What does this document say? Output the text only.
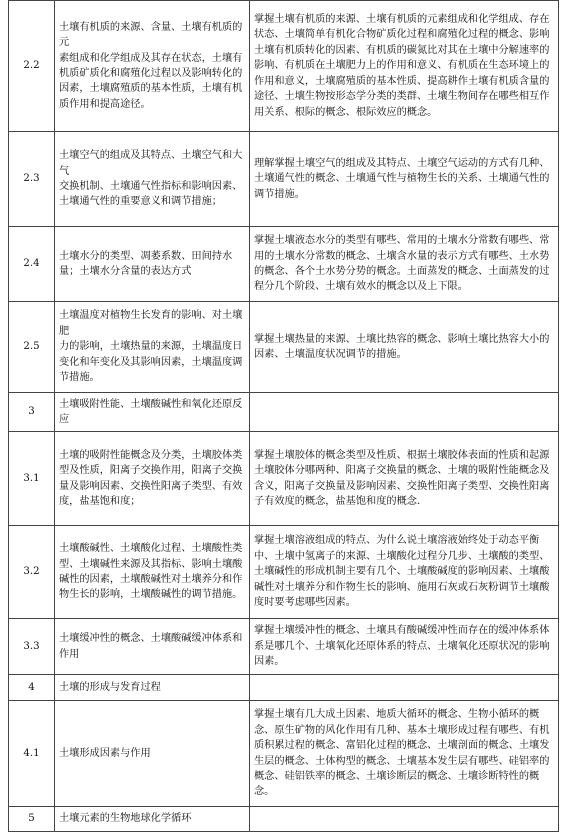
2.2	土壤有机质的来源、含量、土壤有机质的元
素组成和化学组成及其存在状态，土壤有机质矿质化和腐殖化过程以及影响转化的因素，土壤腐殖质的基本性质，土壤有机质作用和提高途径。	掌握土壤有机质的来源、土壤有机质的元素组成和化学组成、存在状态、土壤简单有机化合物矿质化过程和腐殖化过程的概念、影响土壤有机质转化的因素、有机质的碳氮比对其在土壤中分解速率的影响、有机质在土壤肥力上的作用和意义、有机质在生态环境上的作用和意义，土壤腐殖质的基本性质、提高耕作土壤有机质含量的途径、土壤生物按形态学分类的类群、土壤生物间存在哪些相互作用关系、根际的概念、根际效应的概念。

2.3	土壤空气的组成及其特点、土壤空气和大气
交换机制、土壤通气性指标和影响因素、土壤通气性的重要意义和调节措施；	理解掌握土壤空气的组成及其特点、土壤空气运动的方式有几种、土壤通气性的概念、土壤通气性与植物生长的关系、土壤通气性的调节措施。

2.4	土壤水分的类型、凋萎系数、田间持水量；土壤水分含量的表达方式	掌握土壤液态水分的类型有哪些、常用的土壤水分常数有哪些、常用的土壤水分常数的概念、土壤含水量的表示方式有哪些、土水势的概念、各个土水势分势的概念。土面蒸发的概念、土面蒸发的过程分几个阶段、土壤有效水的概念以及上下限。

2.5	土壤温度对植物生长发育的影响、对土壤肥
力的影响，土壤热量的来源，土壤温度日变化和年变化及其影响因素，土壤温度调节措施。	掌握土壤热量的来源、土壤比热容的概念、影响土壤比热容大小的因素、土壤温度状况调节的措施。

3	土壤吸附性能、土壤酸碱性和氧化还原反应	

3.1	土壤的吸附性能概念及分类，土壤胶体类型及性质，阳离子交换作用，阳离子交换量及影响因素、交换性阳离子类型、有效度，盐基饱和度；	掌握土壤胶体的概念类型及性质、根据土壤胶体表面的性质和起源土壤胶体分哪两种、阳离子交换量的概念、土壤的吸附性能概念及含义，阳离子交换量及影响因素、交换性阳离子类型、交换性阳离子有效度的概念，盐基饱和度的概念.

3.2	土壤酸碱性、土壤酸化过程、土壤酸性类型、土壤碱性来源及其指标、影响土壤酸碱性的因素，土壤酸碱性对土壤养分和作物生长的影响，土壤酸碱性的调节措施。	掌握土壤溶液组成的特点、为什么说土壤溶液始终处于动态平衡中、土壤中氢离子的来源、土壤酸化过程分几步、土壤酸的类型、土壤碱性的形成机制主要有几个、土壤酸碱度的影响因素、土壤酸碱性对土壤养分和作物生长的影响、施用石灰或石灰粉调节土壤酸度时要考虑哪些因素。

3.3	土壤缓冲性的概念、土壤酸碱缓冲体系和作用	掌握土壤缓冲性的概念、土壤具有酸碱缓冲性而存在的缓冲体系体系是哪几个、土壤氧化还原体系的特点、土壤氧化还原状况的影响因素。

4	土壤的形成与发育过程	

4.1	土壤形成因素与作用	掌握土壤有几大成土因素、地质大循环的概念、生物小循环的概念、原生矿物的风化作用有几种、基本土壤形成过程有哪些、有机质积累过程的概念、富铝化过程的概念、土壤剖面的概念、土壤发生层的概念、土体构型的概念、土壤基本发生层有哪些、硅铝率的概念、硅铝铁率的概念、土壤诊断层的概念、土壤诊断特性的概念。

5	土壤元素的生物地球化学循环	
